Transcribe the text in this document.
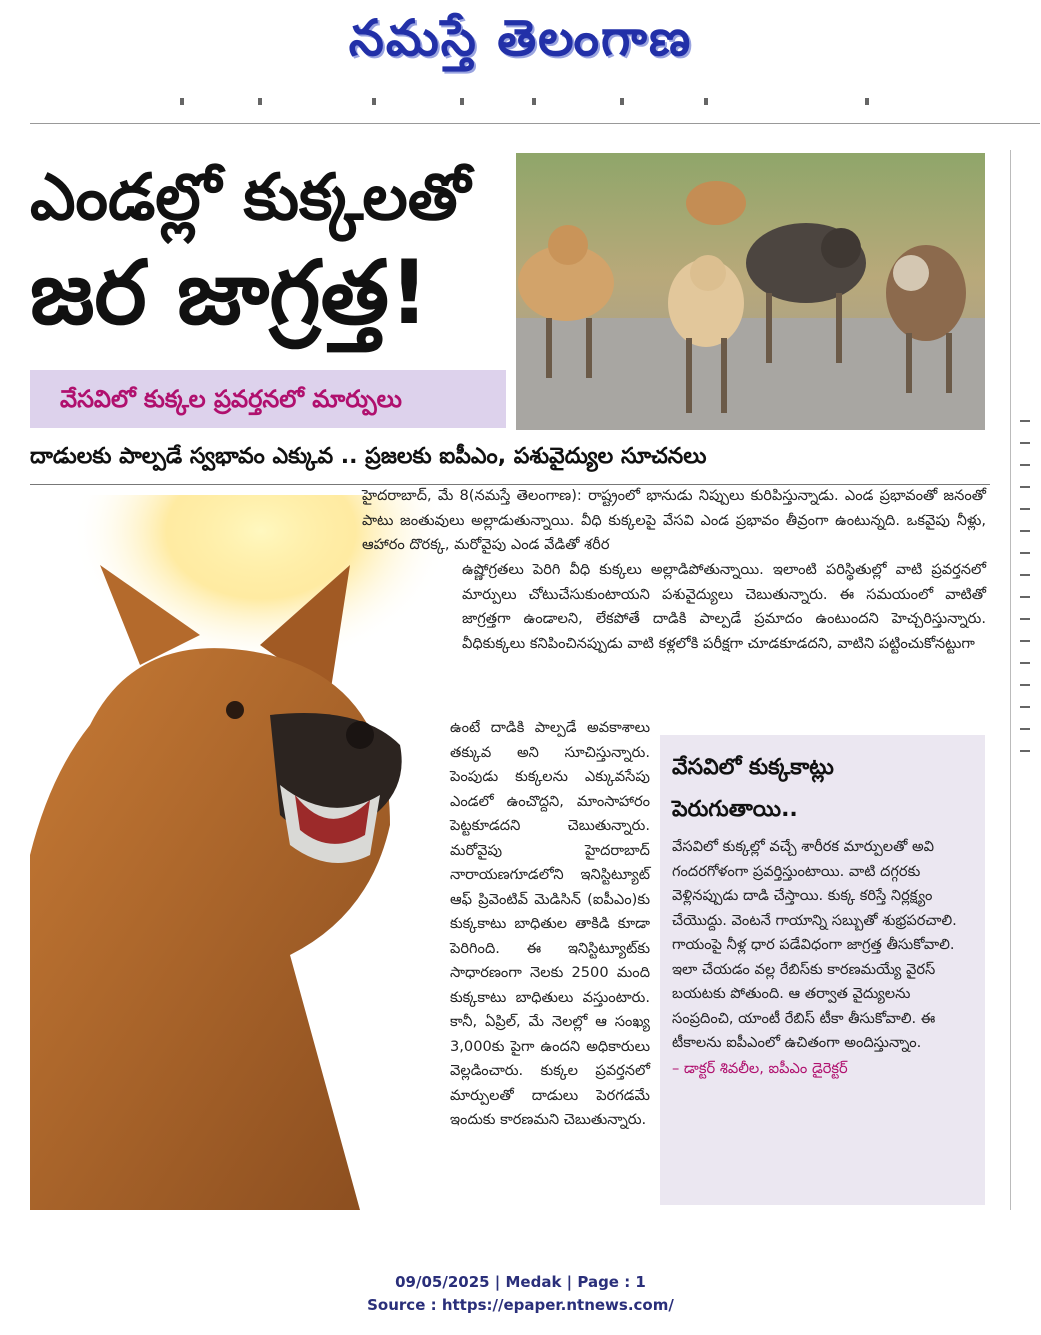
నమస్తే తెలంగాణ
ఎండల్లో కుక్కలతో
జర జాగ్రత్త!
వేసవిలో కుక్కల ప్రవర్తనలో మార్పులు
దాడులకు పాల్పడే స్వభావం ఎక్కువ .. ప్రజలకు ఐపీఎం, పశువైద్యుల సూచనలు

హైదరాబాద్, మే 8(నమస్తే తెలంగాణ): రాష్ట్రంలో భానుడు నిప్పులు కురిపిస్తున్నాడు. ఎండ ప్రభావంతో జనంతో పాటు జంతువులు అల్లాడుతున్నాయి. వీధి కుక్కలపై వేసవి ఎండ ప్రభావం తీవ్రంగా ఉంటున్నది. ఒకవైపు నీళ్లు, ఆహారం దొరక్క, మరోవైపు ఎండ వేడితో శరీర

ఉష్ణోగ్రతలు పెరిగి వీధి కుక్కలు అల్లాడిపోతున్నాయి. ఇలాంటి పరిస్థితుల్లో వాటి ప్రవర్తనలో మార్పులు చోటుచేసుకుంటాయని పశువైద్యులు చెబుతున్నారు. ఈ సమయంలో వాటితో జాగ్రత్తగా ఉండాలని, లేకపోతే దాడికి పాల్పడే ప్రమాదం ఉంటుందని హెచ్చరిస్తున్నారు. వీధికుక్కలు కనిపించినప్పుడు వాటి కళ్లలోకి పరీక్షగా చూడకూడదని, వాటిని పట్టించుకోనట్టుగా

ఉంటే దాడికి పాల్పడే అవకాశాలు తక్కువ అని సూచిస్తున్నారు. పెంపుడు కుక్కలను ఎక్కువసేపు ఎండలో ఉంచొద్దని, మాంసాహారం పెట్టకూడదని చెబుతున్నారు. మరోవైపు హైదరాబాద్ నారాయణగూడలోని ఇనిస్టిట్యూట్ ఆఫ్ ప్రివెంటివ్ మెడిసిన్ (ఐపీఎం)కు కుక్కకాటు బాధితుల తాకిడి కూడా పెరిగింది. ఈ ఇనిస్టిట్యూట్‌కు సాధారణంగా నెలకు 2500 మంది కుక్కకాటు బాధితులు వస్తుంటారు. కానీ, ఏప్రిల్, మే నెలల్లో ఆ సంఖ్య 3,000కు పైగా ఉందని అధికారులు వెల్లడించారు. కుక్కల ప్రవర్తనలో మార్పులతో దాడులు పెరగడమే ఇందుకు కారణమని చెబుతున్నారు.

వేసవిలో కుక్కకాట్లు
పెరుగుతాయి..
వేసవిలో కుక్కల్లో వచ్చే శారీరక మార్పులతో అవి గందరగోళంగా ప్రవర్తిస్తుంటాయి. వాటి దగ్గరకు వెళ్లినప్పుడు దాడి చేస్తాయి. కుక్క కరిస్తే నిర్లక్ష్యం చేయొద్దు. వెంటనే గాయాన్ని సబ్బుతో శుభ్రపరచాలి. గాయంపై నీళ్ల ధార పడేవిధంగా జాగ్రత్త తీసుకోవాలి. ఇలా చేయడం వల్ల రేబిస్‌కు కారణమయ్యే వైరస్ బయటకు పోతుంది. ఆ తర్వాత వైద్యులను సంప్రదించి, యాంటీ రేబిస్ టీకా తీసుకోవాలి. ఈ టీకాలను ఐపీఎంలో ఉచితంగా అందిస్తున్నాం.
– డాక్టర్ శివలీల, ఐపీఎం డైరెక్టర్
09/05/2025 | Medak | Page : 1
Source : https://epaper.ntnews.com/
